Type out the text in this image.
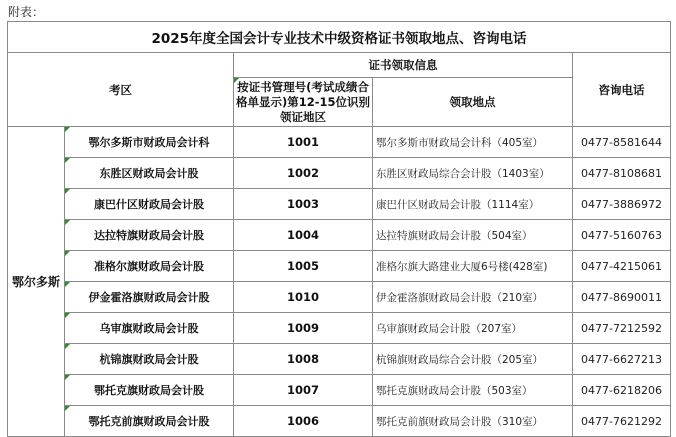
附表：
2025年度全国会计专业技术中级资格证书领取地点、咨询电话				
考区		证书领取信息		咨询电话
		按证书管理号(考试成绩合格单显示)第12-15位识别领证地区	领取地点	
鄂尔多斯	鄂尔多斯市财政局会计科	1001	鄂尔多斯市财政局会计科（405室）	0477-8581644
	东胜区财政局会计股	1002	东胜区财政局综合会计股（1403室）	0477-8108681
	康巴什区财政局会计股	1003	康巴什区财政局会计股（1114室）	0477-3886972
	达拉特旗财政局会计股	1004	达拉特旗财政局会计股（504室）	0477-5160763
	准格尔旗财政局会计股	1005	准格尔旗大路建业大厦6号楼(428室)	0477-4215061
	伊金霍洛旗财政局会计股	1010	伊金霍洛旗财政局会计股（210室）	0477-8690011
	乌审旗财政局会计股	1009	乌审旗财政局会计股（207室）	0477-7212592
	杭锦旗财政局会计股	1008	杭锦旗财政局综合会计股（205室）	0477-6627213
	鄂托克旗财政局会计股	1007	鄂托克旗财政局会计股（503室）	0477-6218206
	鄂托克前旗财政局会计股	1006	鄂托克前旗财政局会计股（310室）	0477-7621292
